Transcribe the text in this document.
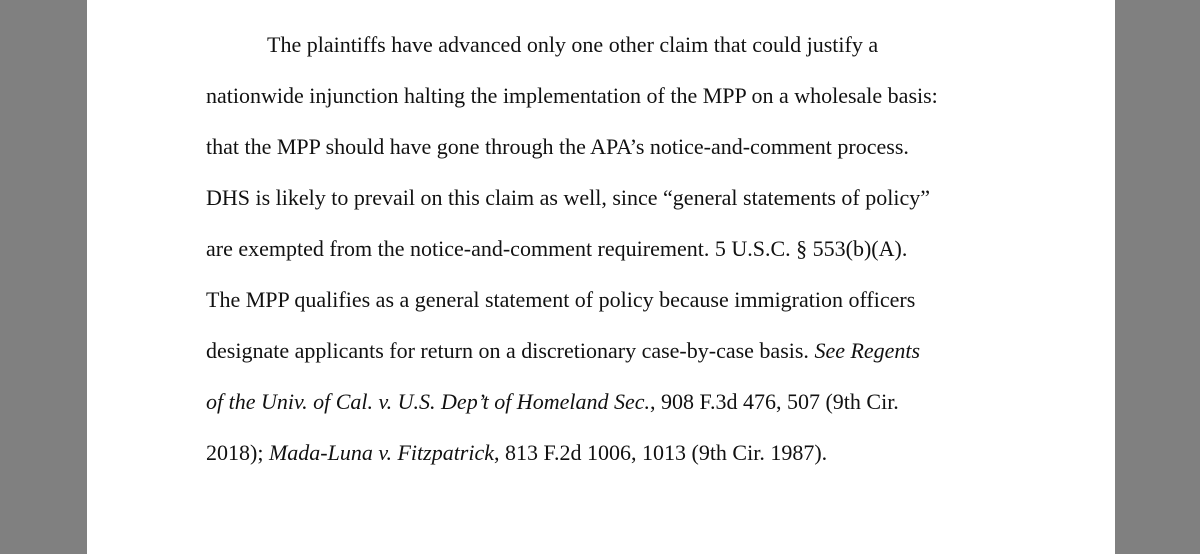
The plaintiffs have advanced only one other claim that could justify a
nationwide injunction halting the implementation of the MPP on a wholesale basis:
that the MPP should have gone through the APA’s notice-and-comment process.
DHS is likely to prevail on this claim as well, since “general statements of policy”
are exempted from the notice-and-comment requirement. 5 U.S.C. § 553(b)(A).
The MPP qualifies as a general statement of policy because immigration officers
designate applicants for return on a discretionary case-by-case basis. See Regents
of the Univ. of Cal. v. U.S. Dep’t of Homeland Sec., 908 F.3d 476, 507 (9th Cir.
2018); Mada-Luna v. Fitzpatrick, 813 F.2d 1006, 1013 (9th Cir. 1987).
